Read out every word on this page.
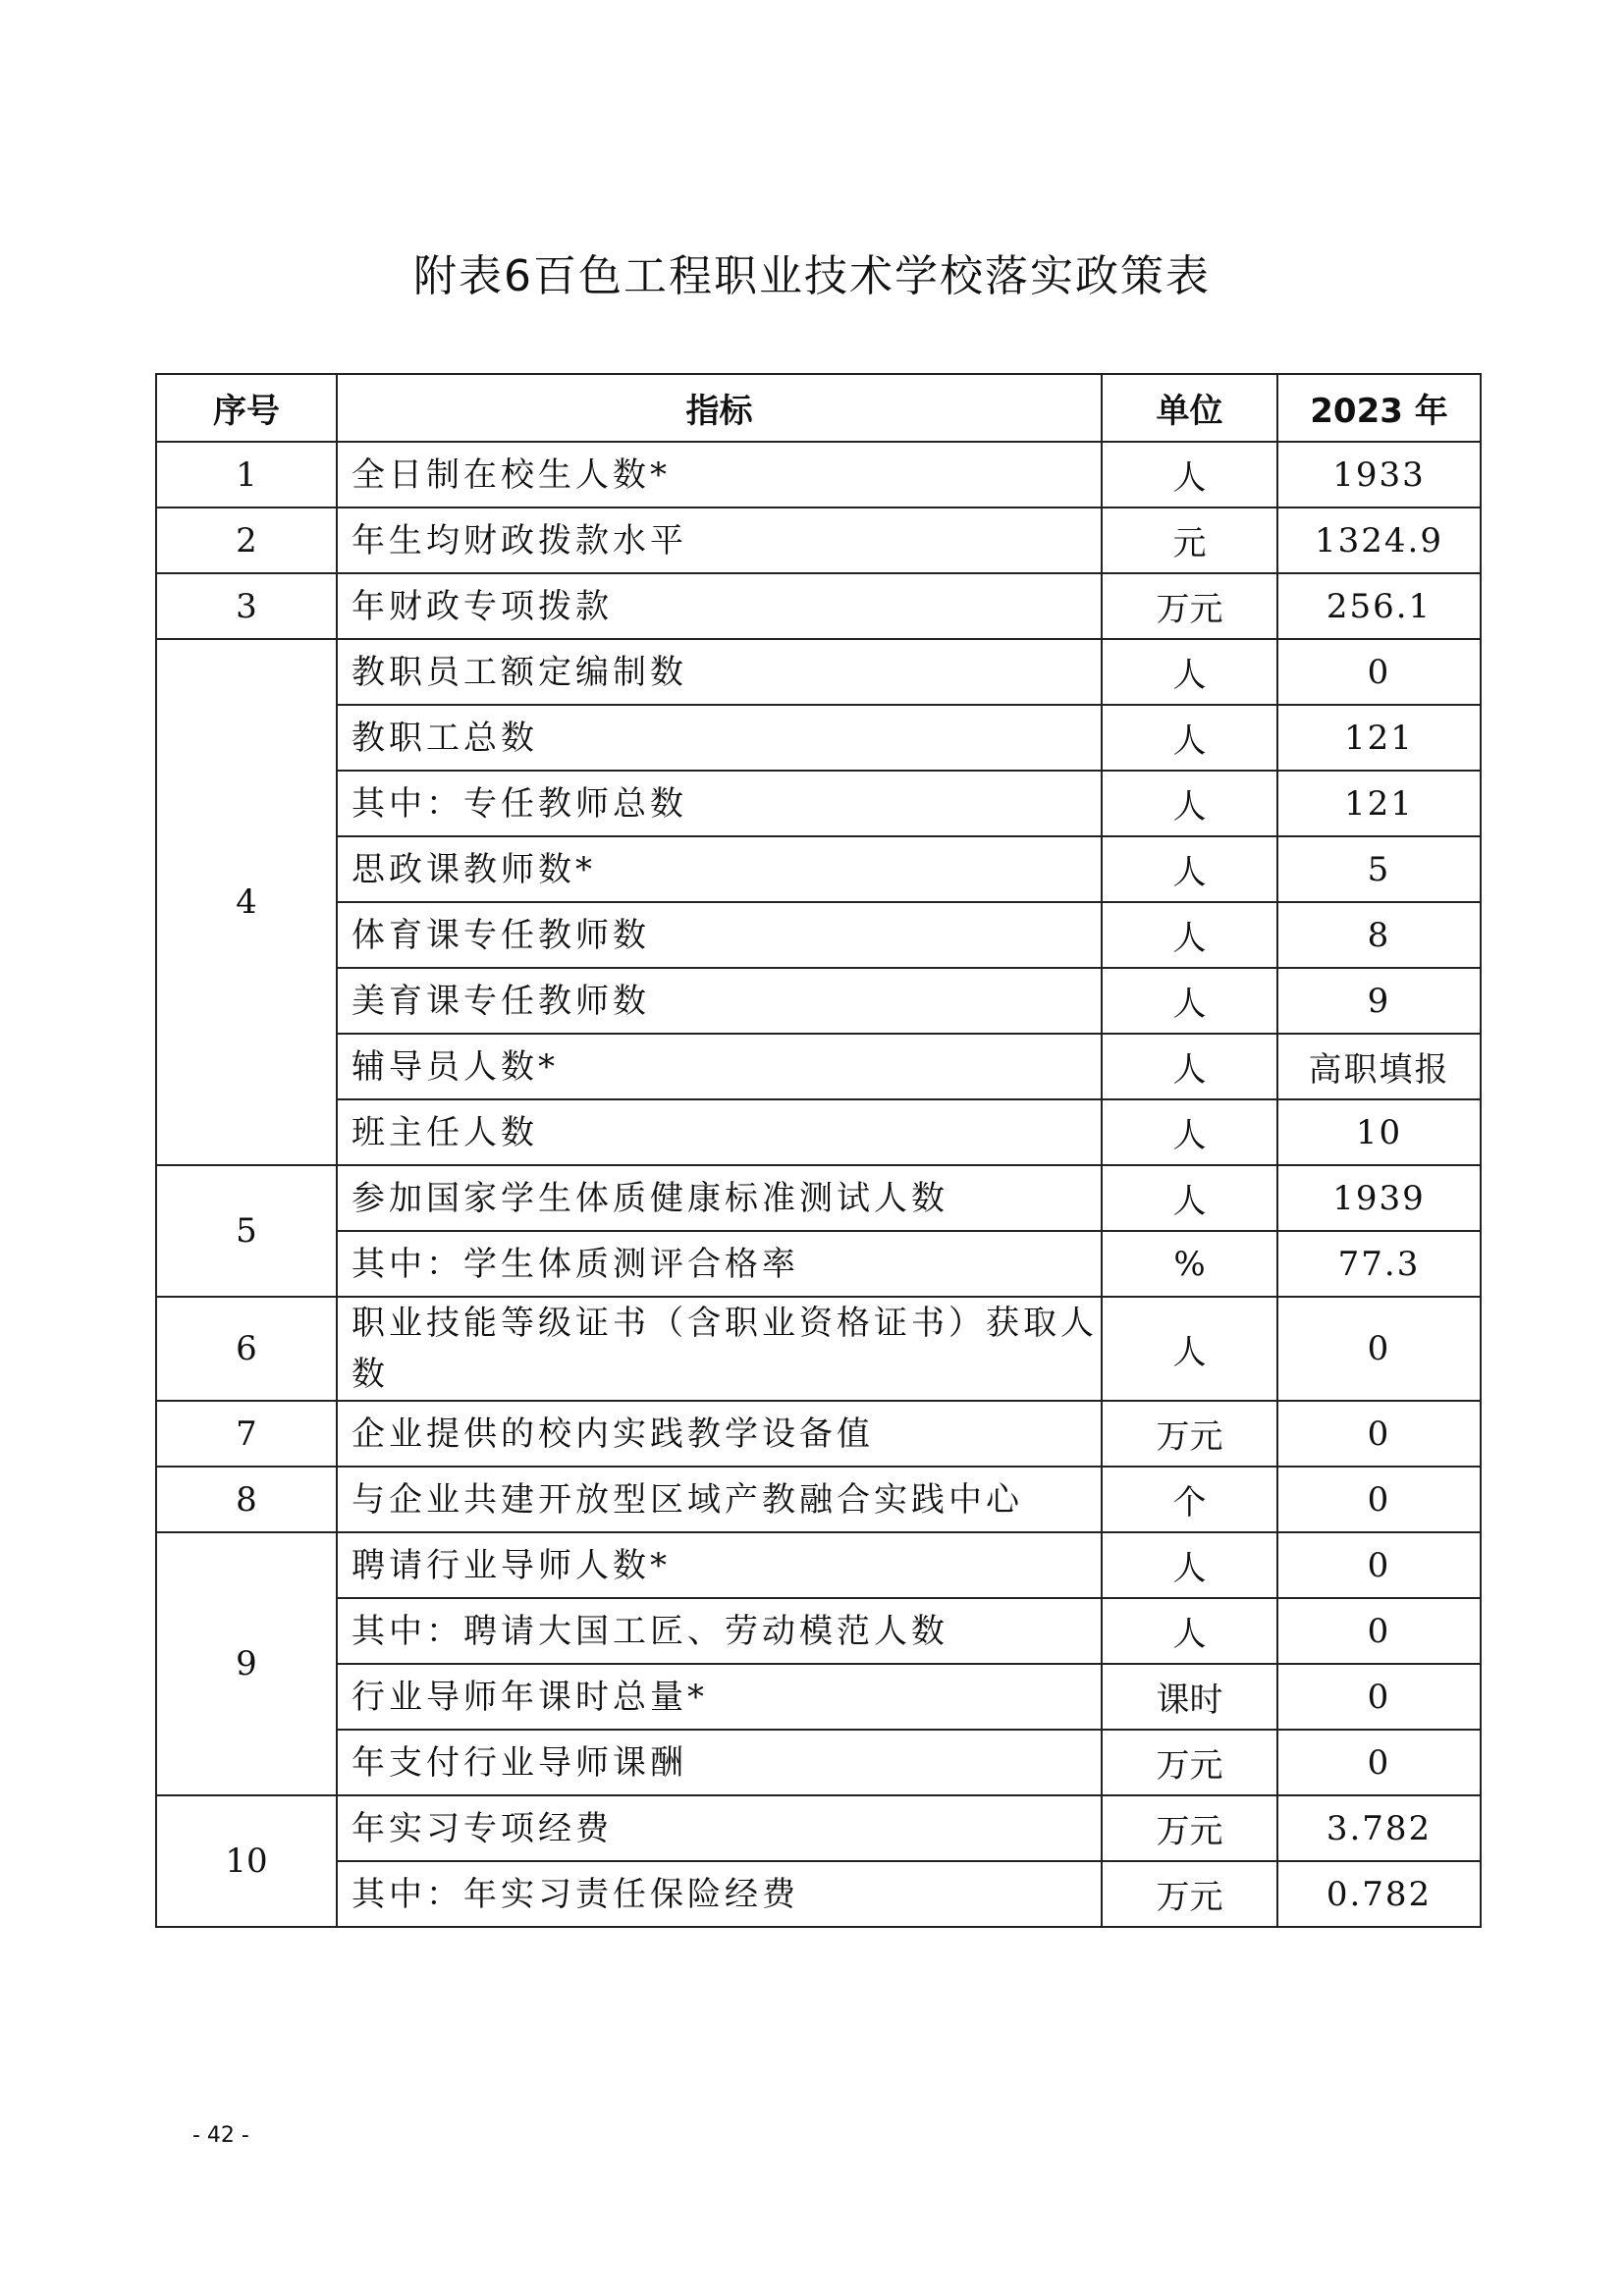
附表6百色工程职业技术学校落实政策表
序号	指标	单位	2023 年
1	全日制在校生人数*	人	1933
2	年生均财政拨款水平	元	1324.9
3	年财政专项拨款	万元	256.1
4	教职员工额定编制数	人	0
	教职工总数	人	121
	其中：专任教师总数	人	121
	思政课教师数*	人	5
	体育课专任教师数	人	8
	美育课专任教师数	人	9
	辅导员人数*	人	高职填报
	班主任人数	人	10
5	参加国家学生体质健康标准测试人数	人	1939
	其中：学生体质测评合格率	%	77.3
6	职业技能等级证书（含职业资格证书）获取人数	人	0
7	企业提供的校内实践教学设备值	万元	0
8	与企业共建开放型区域产教融合实践中心	个	0
9	聘请行业导师人数*	人	0
	其中：聘请大国工匠、劳动模范人数	人	0
	行业导师年课时总量*	课时	0
	年支付行业导师课酬	万元	0
10	年实习专项经费	万元	3.782
	其中：年实习责任保险经费	万元	0.782
- 42 -
